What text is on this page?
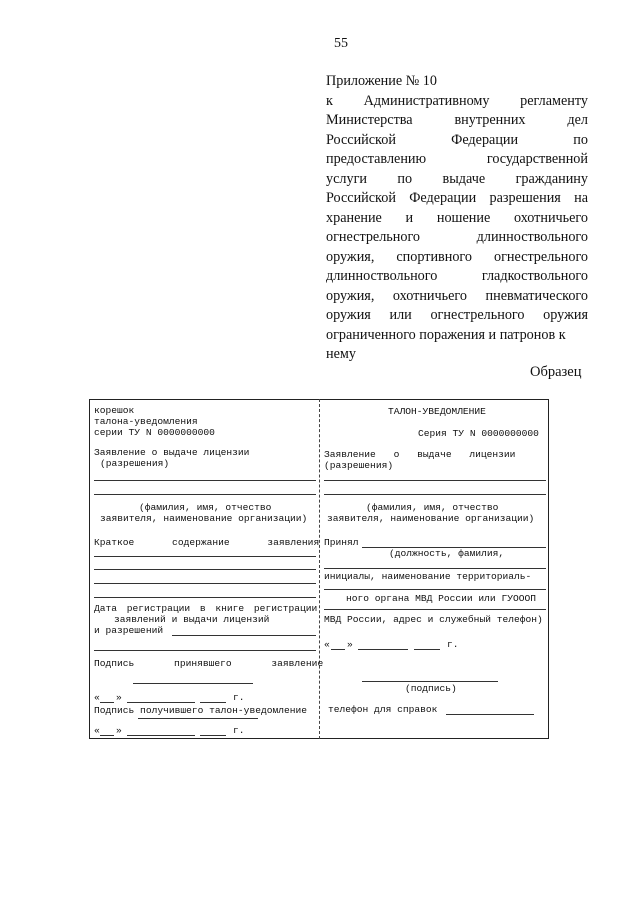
55
Приложение № 10
к Административному регламенту
Министерства внутренних дел
Российской Федерации по
предоставлению государственной
услуги по выдаче гражданину
Российской Федерации разрешения на
хранение и ношение охотничьего
огнестрельного длинноствольного
оружия, спортивного огнестрельного
длинноствольного гладкоствольного
оружия, охотничьего пневматического
оружия или огнестрельного оружия
ограниченного поражения и патронов к
нему
Образец
корешок
талона-уведомления
серии ТУ N 0000000000
Заявление о выдаче лицензии
(разрешения)
(фамилия, имя, отчество
заявителя, наименование организации)
Краткое содержание заявления
Дата регистрации в книге регистрации
заявлений и выдачи лицензий
и разрешений
Подпись принявшего заявление
« »	г.
Подпись получившего талон-уведомление
« »	г.
ТАЛОН-УВЕДОМЛЕНИЕ
Серия ТУ N 0000000000
Заявление о выдаче лицензии
(разрешения)
(фамилия, имя, отчество
заявителя, наименование организации)
Принял
(должность, фамилия,
инициалы, наименование территориаль-
ного органа МВД России или ГУОООП
МВД России, адрес и служебный телефон)
« »	г.
(подпись)
телефон для справок
